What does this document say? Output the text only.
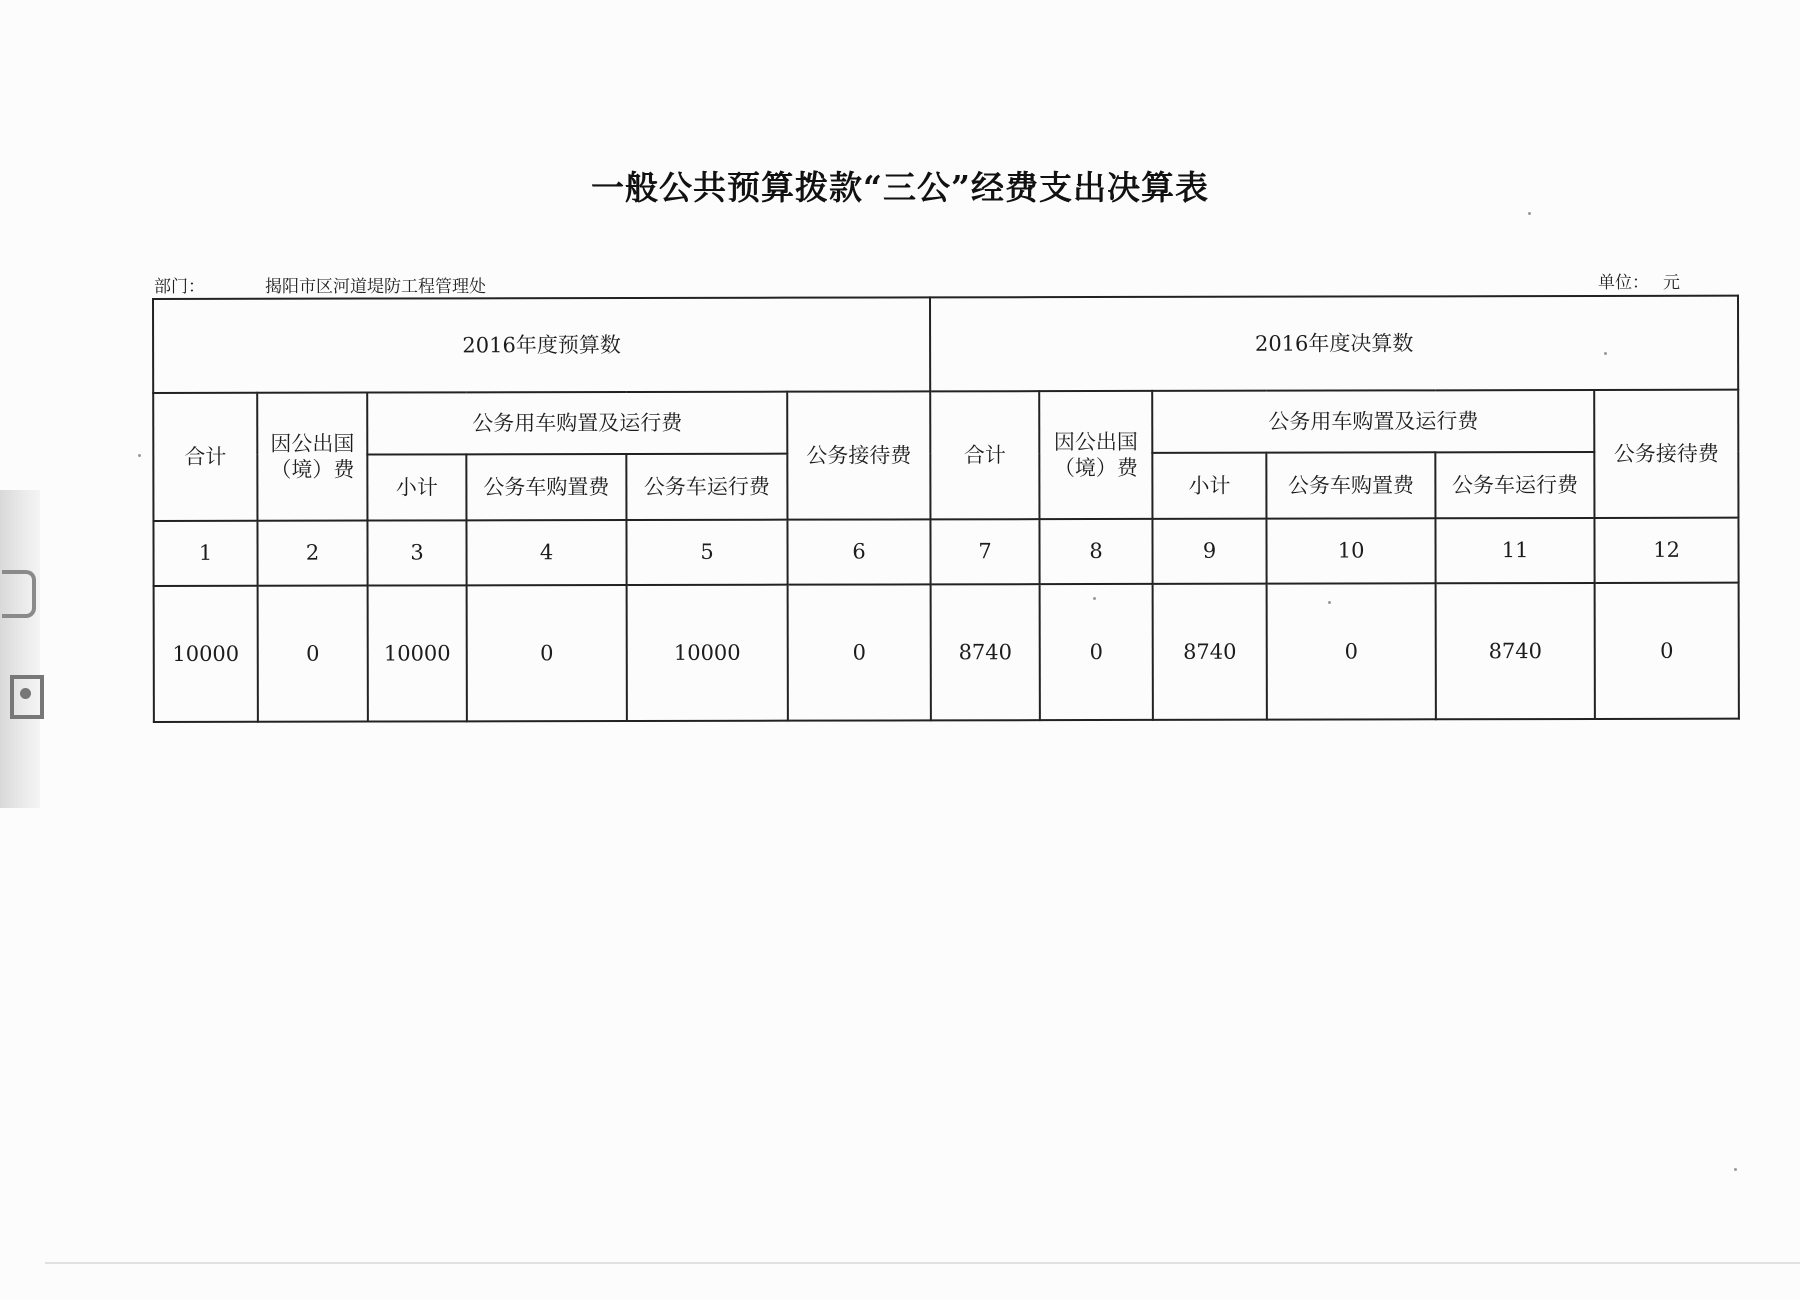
一般公共预算拨款“三公”经费支出决算表
部门：	揭阳市区河道堤防工程管理处	单位： 元
2016年度预算数						2016年度决算数					
合计	因公出国（境）费	公务用车购置及运行费			公务接待费	合计	因公出国（境）费	公务用车购置及运行费			公务接待费
		小计	公务车购置费	公务车运行费				小计	公务车购置费	公务车运行费	
1	2	3	4	5	6	7	8	9	10	11	12
10000	0	10000	0	10000	0	8740	0	8740	0	8740	0
